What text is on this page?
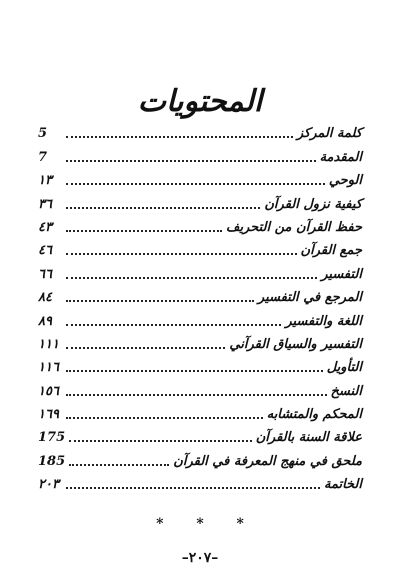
المحتويات
كلمة المركز
5
المقدمة
7
الوحي
١٣
كيفية نزول القرآن
٣٦
حفظ القرآن من التحريف
٤٣
جمع القرآن
٤٦
التفسير
٦٦
المرجع في التفسير
٨٤
اللغة والتفسير
٨٩
التفسير والسياق القرآني
١١١
التأويل
١١٦
النسخ
١٥٦
المحكم والمتشابه
١٦٩
علاقة السنة بالقرآن
175
ملحق في منهج المعرفة في القرآن
185
الخاتمة
٢٠٣
* * *
–٢٠٧–
